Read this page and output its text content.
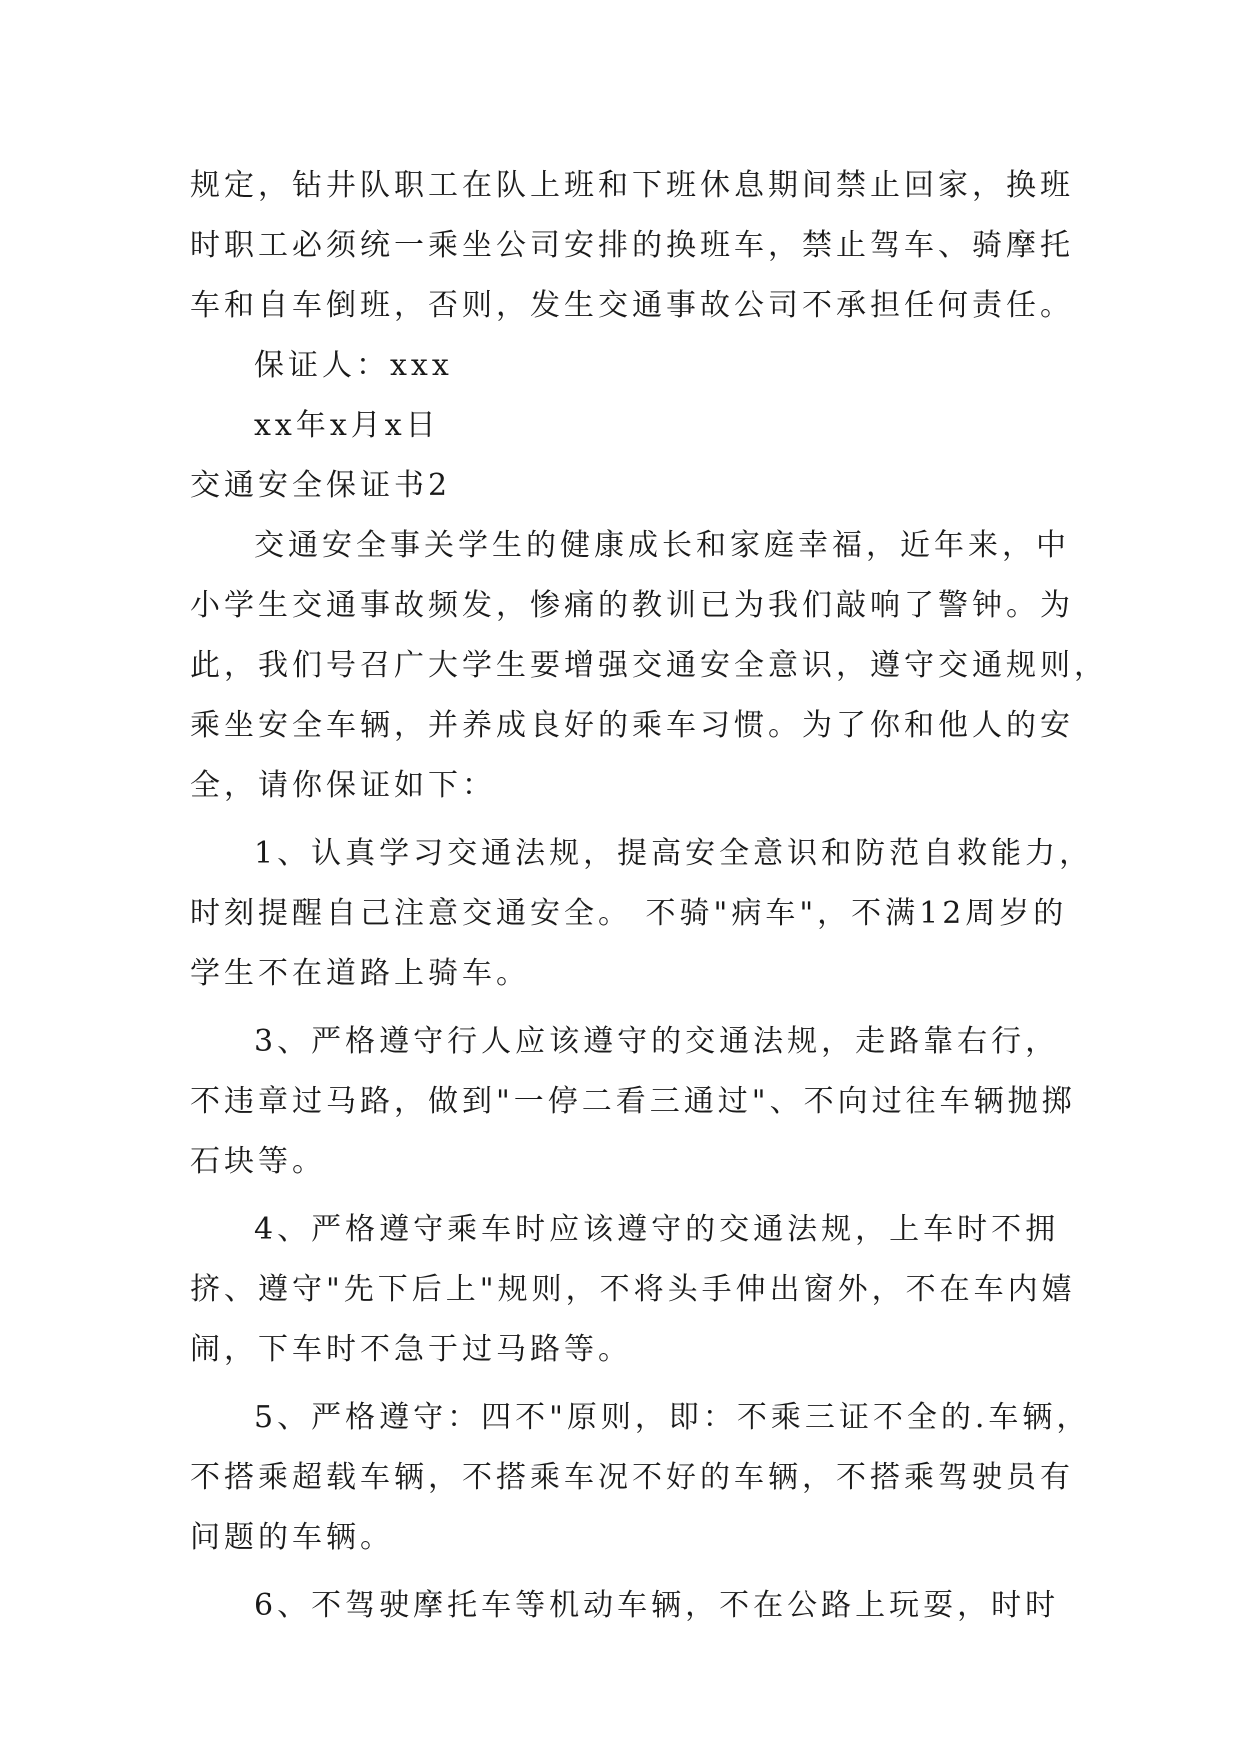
规定，钻井队职工在队上班和下班休息期间禁止回家，换班

时职工必须统一乘坐公司安排的换班车，禁止驾车、骑摩托

车和自车倒班，否则，发生交通事故公司不承担任何责任。

保证人：xxx

xx年x月x日

交通安全保证书2

交通安全事关学生的健康成长和家庭幸福，近年来，中

小学生交通事故频发，惨痛的教训已为我们敲响了警钟。为

此，我们号召广大学生要增强交通安全意识，遵守交通规则，

乘坐安全车辆，并养成良好的乘车习惯。为了你和他人的安

全，请你保证如下：

1、认真学习交通法规，提高安全意识和防范自救能力，

时刻提醒自己注意交通安全。 不骑"病车"，不满12周岁的

学生不在道路上骑车。

3、严格遵守行人应该遵守的交通法规，走路靠右行，

不违章过马路，做到"一停二看三通过"、不向过往车辆抛掷

石块等。

4、严格遵守乘车时应该遵守的交通法规，上车时不拥

挤、遵守"先下后上"规则，不将头手伸出窗外，不在车内嬉

闹，下车时不急于过马路等。

5、严格遵守：四不"原则，即：不乘三证不全的.车辆，

不搭乘超载车辆，不搭乘车况不好的车辆，不搭乘驾驶员有

问题的车辆。

6、不驾驶摩托车等机动车辆，不在公路上玩耍，时时
